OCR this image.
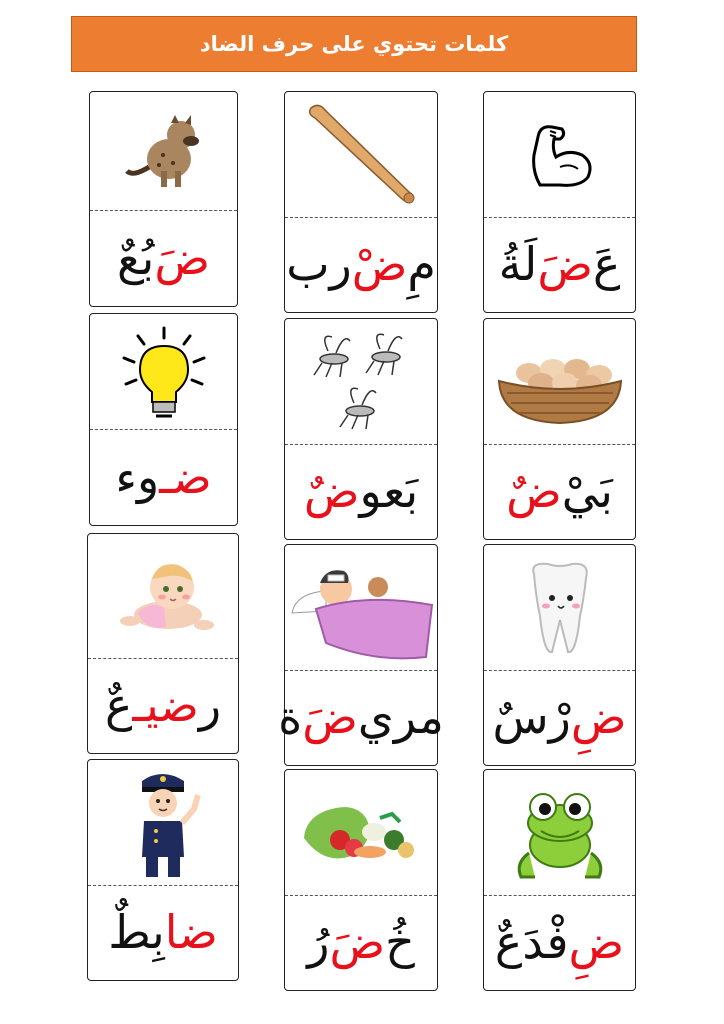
كلمات تحتوي على حرف الضاد
عَ
ضَ
لَةُ
مِ
ضْ
رب
ضَ
بُعٌ
بَيْ
ضٌ
بَعو
ضٌ
ضـ
وء
ضِ
رْسٌ
مري
ضَ
ة
ر
ضيـ
عٌ
ضِ
فْدَعٌ
خُ
ضَ
رُ
ضا
بِطٌ
